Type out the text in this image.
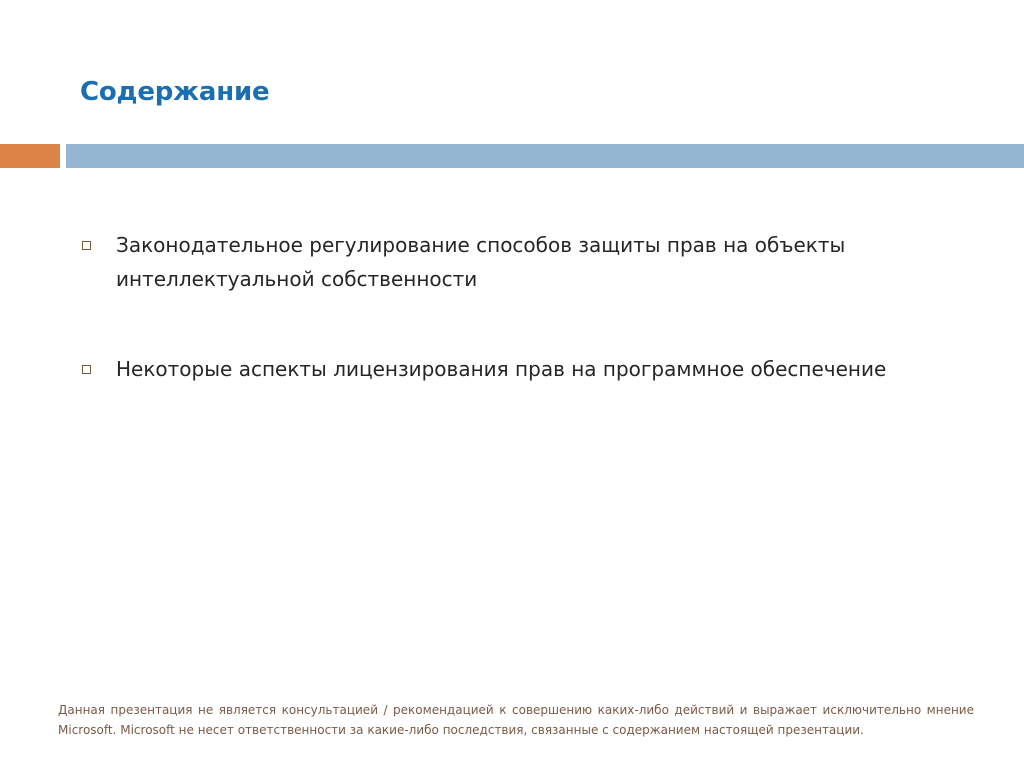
Содержание
Законодательное регулирование способов защиты прав на объекты интеллектуальной собственности
Некоторые аспекты лицензирования прав на программное обеспечение

Данная презентация не является консультацией / рекомендацией к совершению каких-либо действий и выражает исключительно мнение Microsoft. Microsoft не несет ответственности за какие-либо последствия, связанные с содержанием настоящей презентации.
